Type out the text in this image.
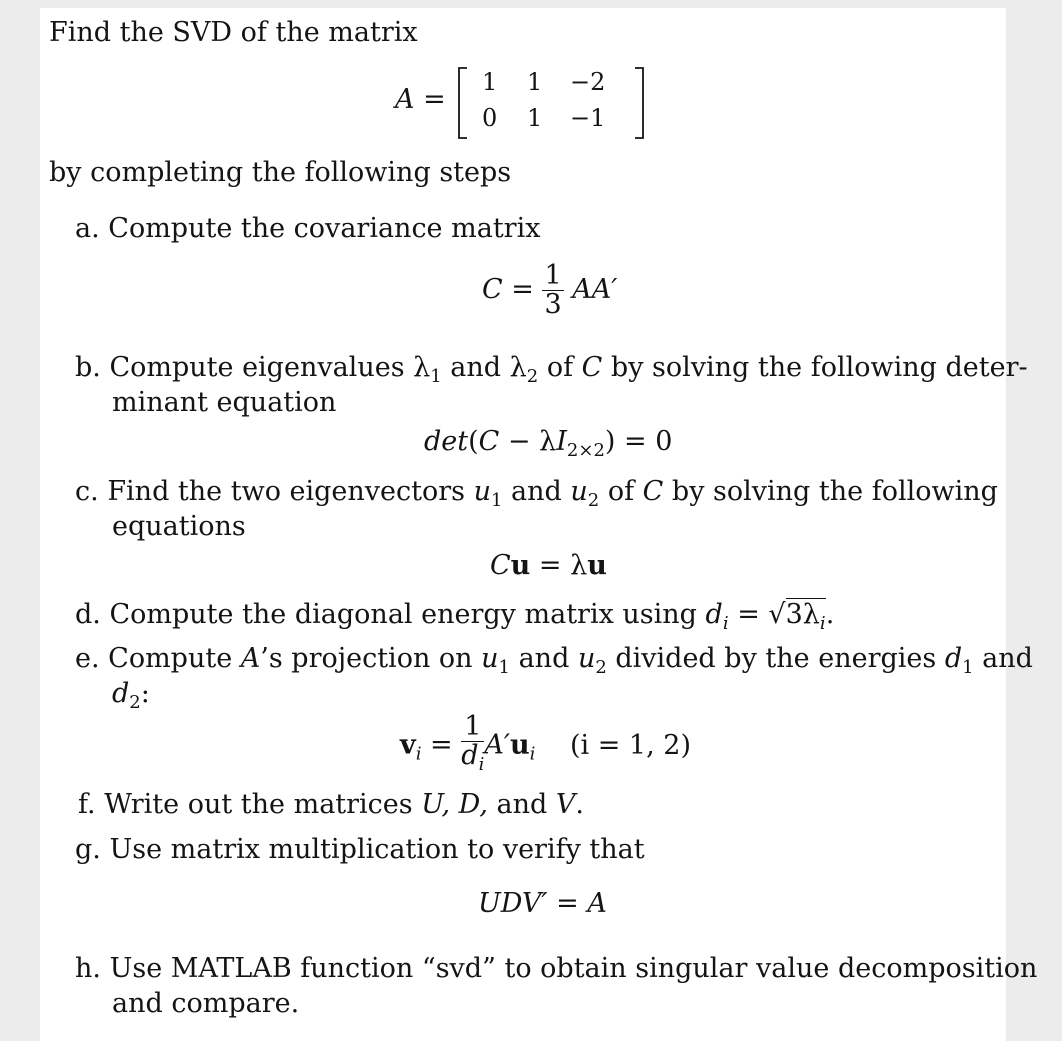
Find the SVD of the matrix
A =
1 1 −2
0 1 −1
by completing the following steps
a. Compute the covariance matrix
$C = \frac{1}{3} AA'$
b. Compute eigenvalues $\lambda_1$ and $\lambda_2$ of C by solving the following deter-
minant equation
$\det(C - \lambda I_{2\times 2}) = 0$
c. Find the two eigenvectors $u_1$ and $u_2$ of C by solving the following
equations
Cu = λu
d. Compute the diagonal energy matrix using $d_i = √3\lambda_i$.
e. Compute A’s projection on $u_1$ and $u_2$ divided by the energies $d_1$ and
$d_2$:
$v_i = \frac{1}{d_i} A'u_i$ (i = 1, 2)
f. Write out the matrices U, D, and V.
g. Use matrix multiplication to verify that
UDV′ = A
h. Use MATLAB function “svd” to obtain singular value decomposition
and compare.
